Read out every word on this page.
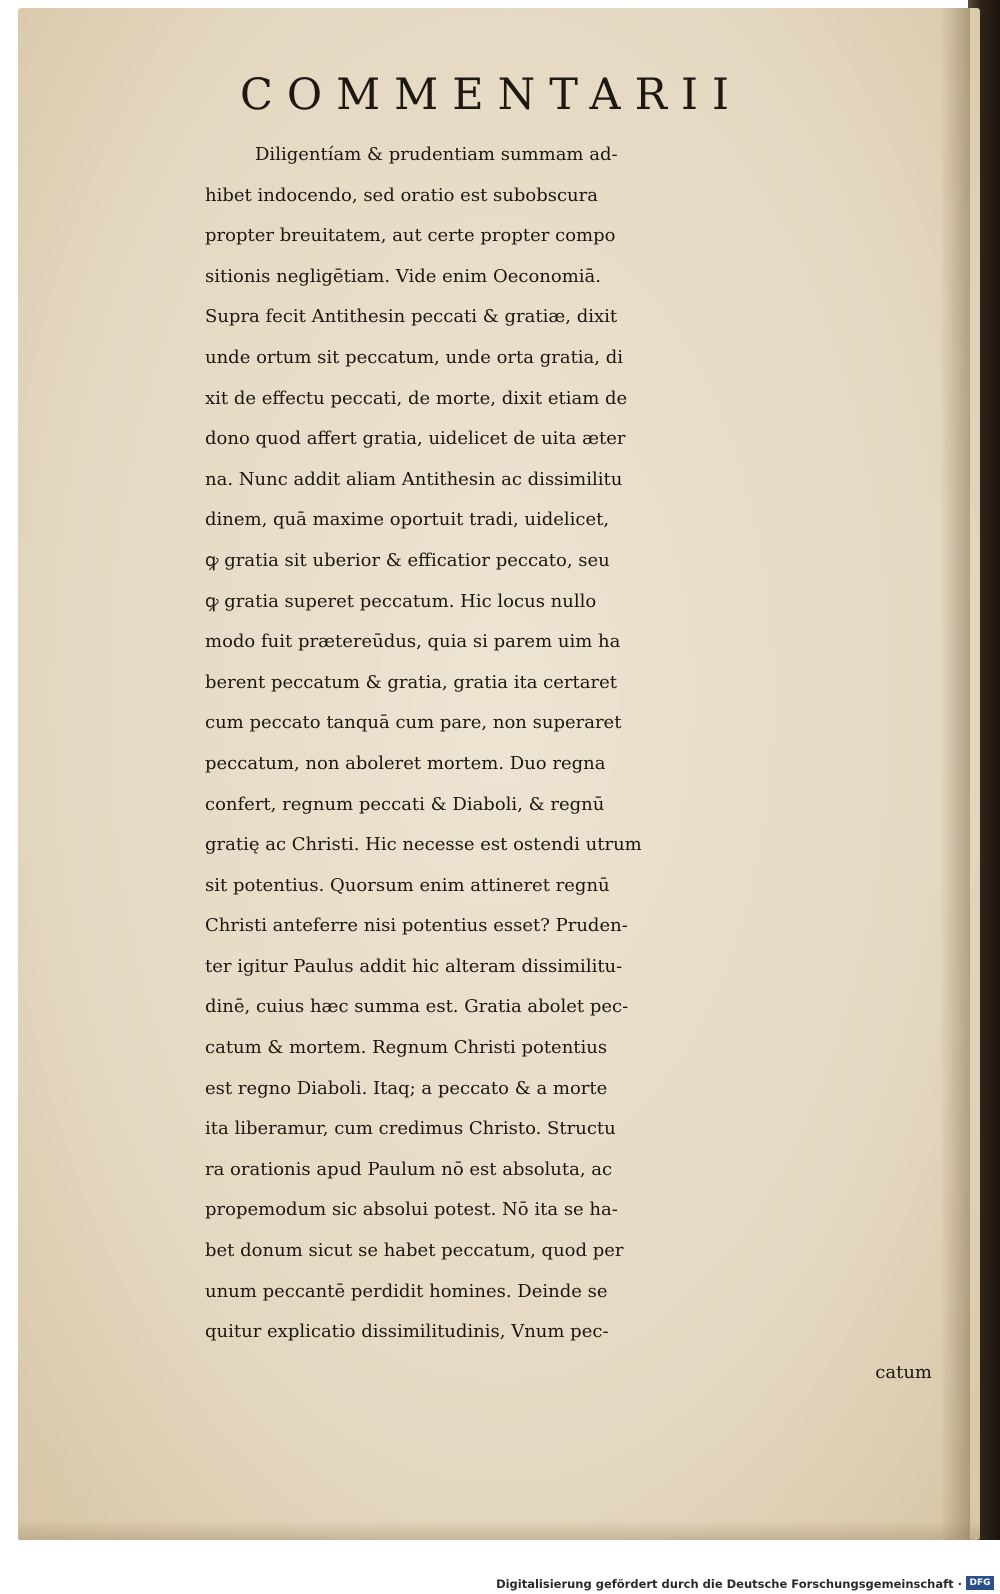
COMMENTARII
Diligentíam & prudentiam summam ad-
hibet indocendo, sed oratio est subobscura
propter breuitatem, aut certe propter compo
sitionis negligētiam. Vide enim Oeconomiā.
Supra fecit Antithesin peccati & gratiæ, dixit
unde ortum sit peccatum, unde orta gratia, di
xit de effectu peccati, de morte, dixit etiam de
dono quod affert gratia, uidelicet de uita æter
na. Nunc addit aliam Antithesin ac dissimilitu
dinem, quā maxime oportuit tradi, uidelicet,
ꝙ gratia sit uberior & efficatior peccato, seu
ꝙ gratia superet peccatum. Hic locus nullo
modo fuit prætereūdus, quia si parem uim ha
berent peccatum & gratia, gratia ita certaret
cum peccato tanquā cum pare, non superaret
peccatum, non aboleret mortem. Duo regna
confert, regnum peccati & Diaboli, & regnū
gratię ac Christi. Hic necesse est ostendi utrum
sit potentius. Quorsum enim attineret regnū
Christi anteferre nisi potentius esset? Pruden-
ter igitur Paulus addit hic alteram dissimilitu-
dinē, cuius hæc summa est. Gratia abolet pec-
catum & mortem. Regnum Christi potentius
est regno Diaboli. Itaq; a peccato & a morte
ita liberamur, cum credimus Christo. Structu
ra orationis apud Paulum nō est absoluta, ac
propemodum sic absolui potest. Nō ita se ha-
bet donum sicut se habet peccatum, quod per
unum peccantē perdidit homines. Deinde se
quitur explicatio dissimilitudinis, Vnum pec-
catum
Digitalisierung gefördert durch die Deutsche Forschungsgemeinschaft · DFG
